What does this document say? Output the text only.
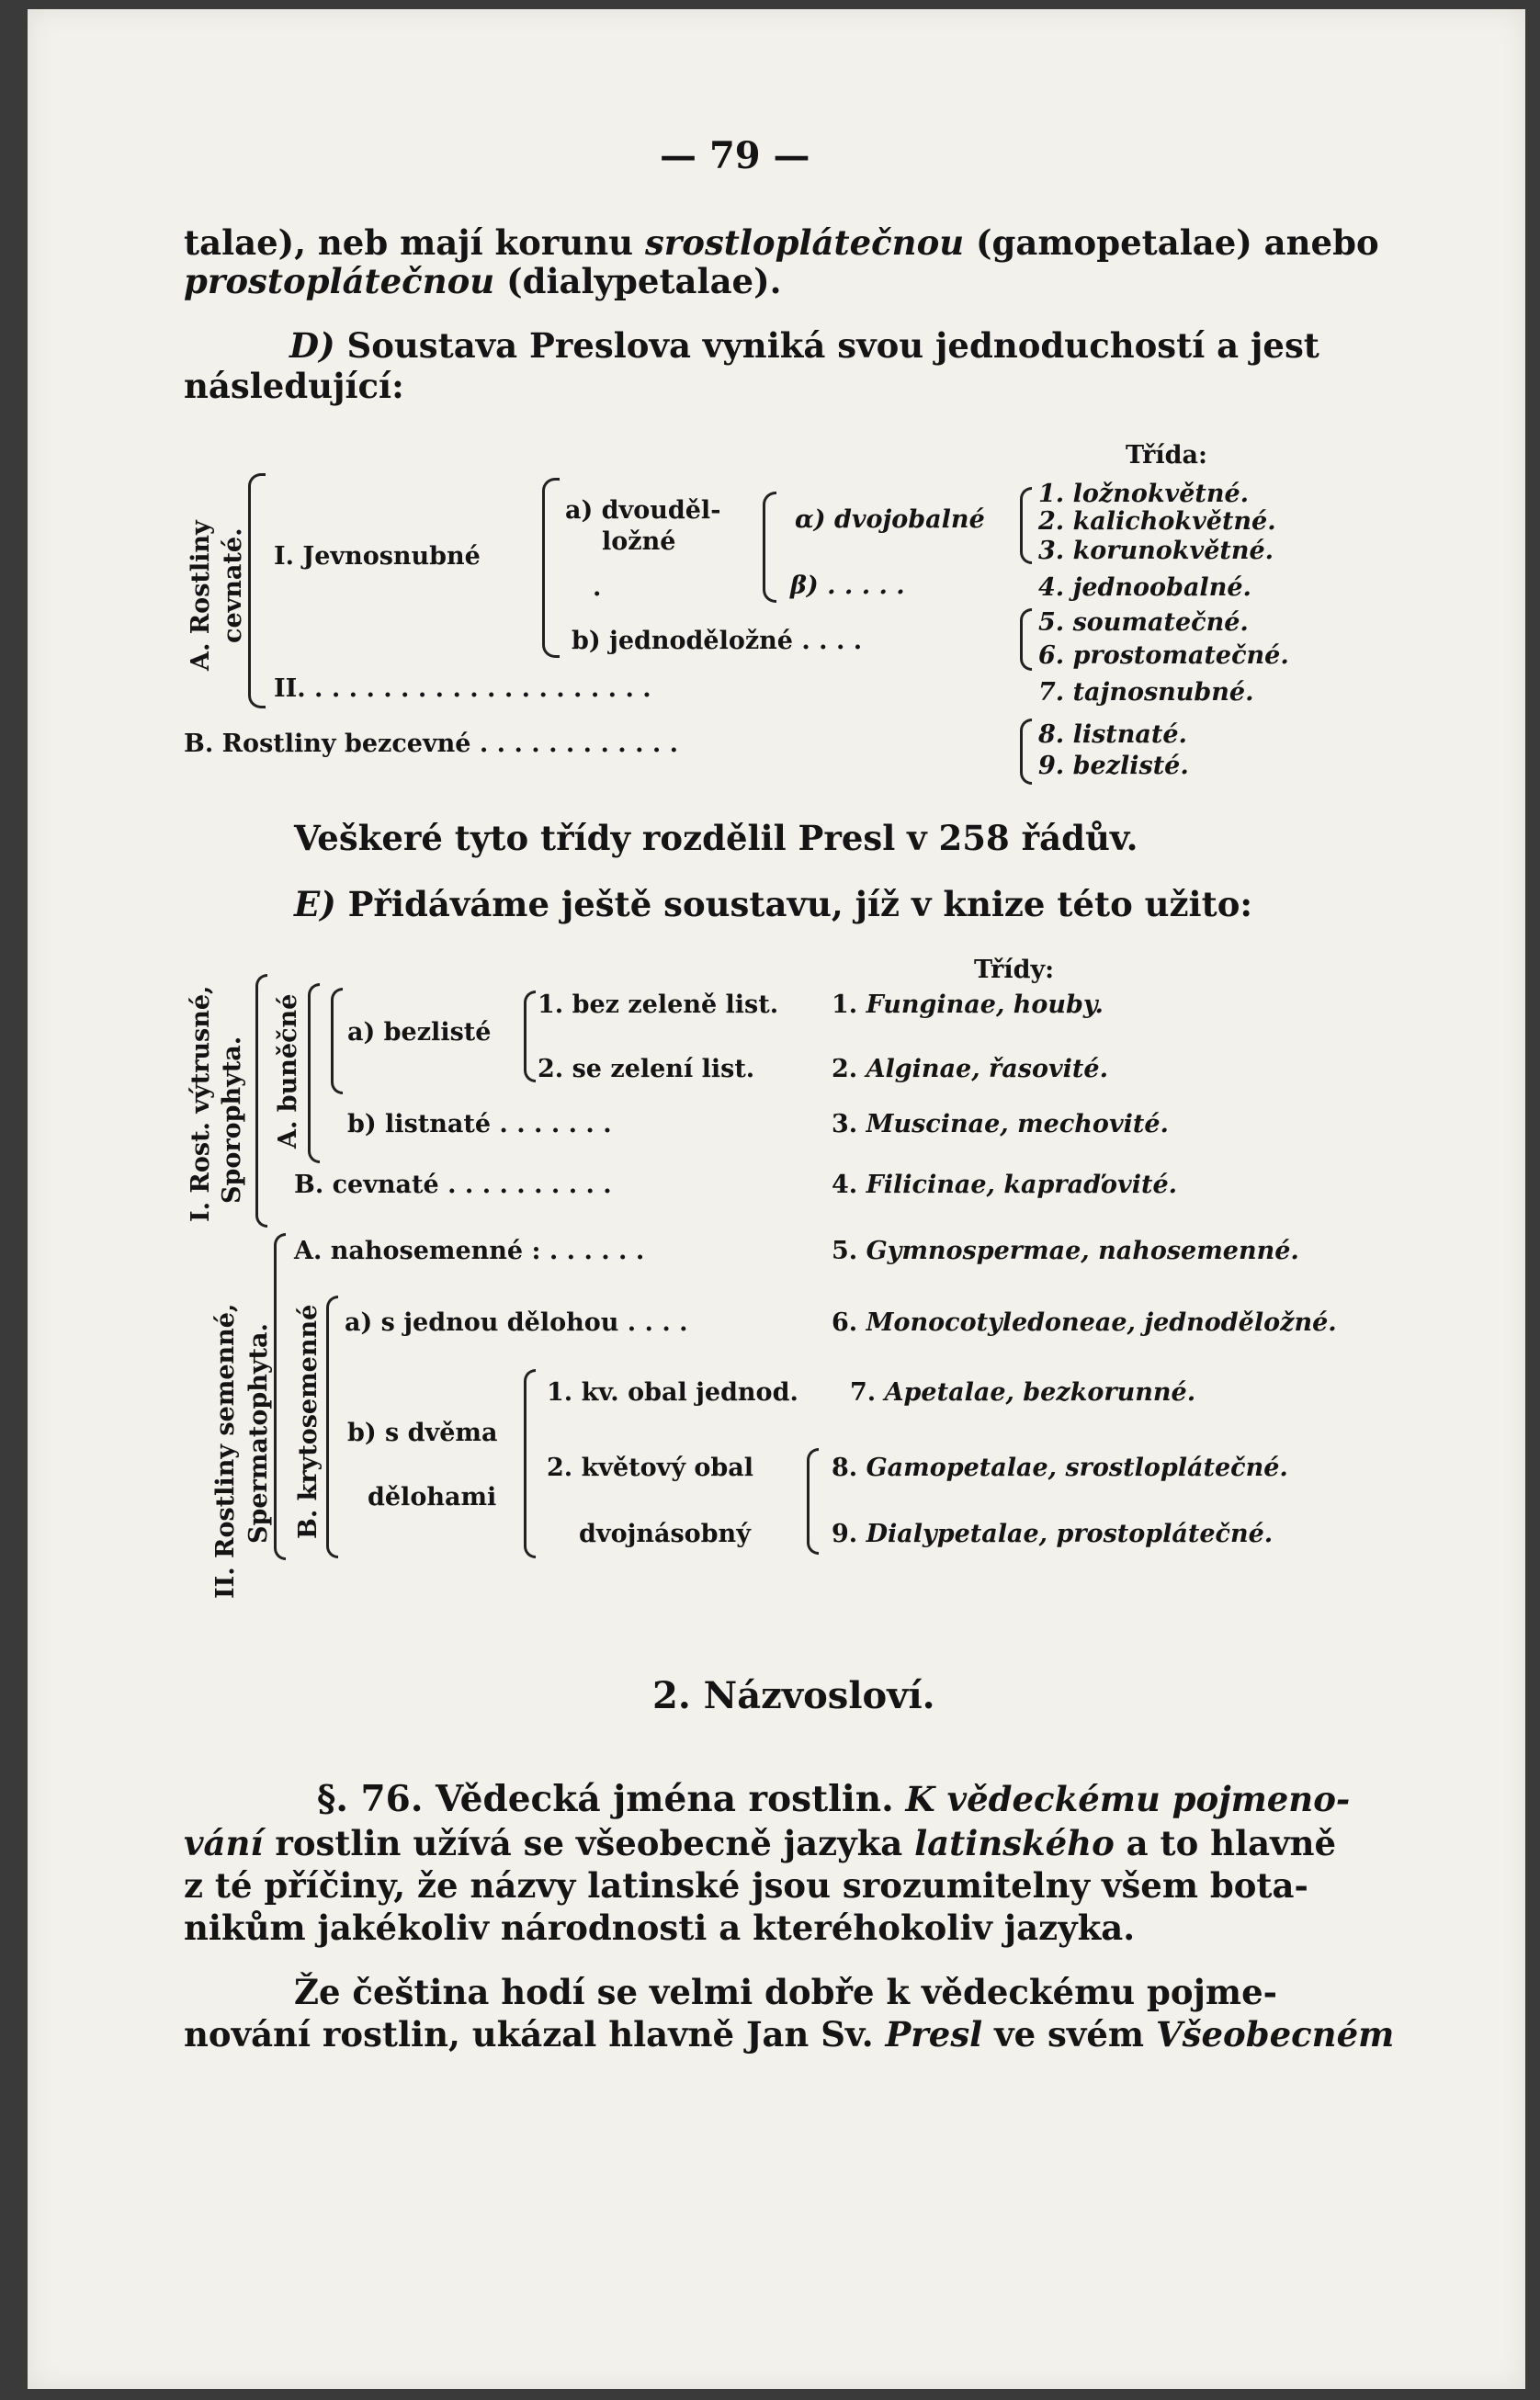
— 79 —
talae), neb mají korunu srostloplátečnou (gamopetalae) anebo
prostoplátečnou (dialypetalae).
D) Soustava Preslova vyniká svou jednoduchostí a jest
následující:
Třída:
A. Rostliny cevnaté. I. Jevnosnubné
a) dvouděl-
ložné
.
α) dvojobalné
β) . . . . .
b) jednoděložné . . . .
II. . . . . . . . . . . . . . . . . . . . .
B. Rostliny bezcevné . . . . . . . . . . . .
1. ložnokvětné.
2. kalichokvětné.
3. korunokvětné.
4. jednoobalné.
5. soumatečné.
6. prostomatečné.
7. tajnosnubné.
8. listnaté.
9. bezlisté.
Veškeré tyto třídy rozdělil Presl v 258 řádův.
E) Přidáváme ještě soustavu, jíž v knize této užito:
Třídy:
I. Rost. výtrusné, Sporophyta. A. buněčné a) bezlisté
1. bez zeleně list.
2. se zelení list.
b) listnaté . . . . . . .
B. cevnaté . . . . . . . . . .
II. Rostliny semenné, Spermatophyta. B. krytosemenné
A. nahosemenné : . . . . . .
a) s jednou dělohou . . . .
b) s dvěma
dělohami
1. kv. obal jednod.
2. květový obal
dvojnásobný
1. Funginae, houby.
2. Alginae, řasovité.
3. Muscinae, mechovité.
4. Filicinae, kapraďovité.
5. Gymnospermae, nahosemenné.
6. Monocotyledoneae, jednoděložné.
7. Apetalae, bezkorunné.
8. Gamopetalae, srostloplátečné.
9. Dialypetalae, prostoplátečné.
2. Názvosloví.
§. 76. Vědecká jména rostlin. K vědeckému pojmeno-
vání rostlin užívá se všeobecně jazyka latinského a to hlavně
z té příčiny, že názvy latinské jsou srozumitelny všem bota-
nikům jakékoliv národnosti a kteréhokoliv jazyka.
Že čeština hodí se velmi dobře k vědeckému pojme-
nování rostlin, ukázal hlavně Jan Sv. Presl ve svém Všeobecném
